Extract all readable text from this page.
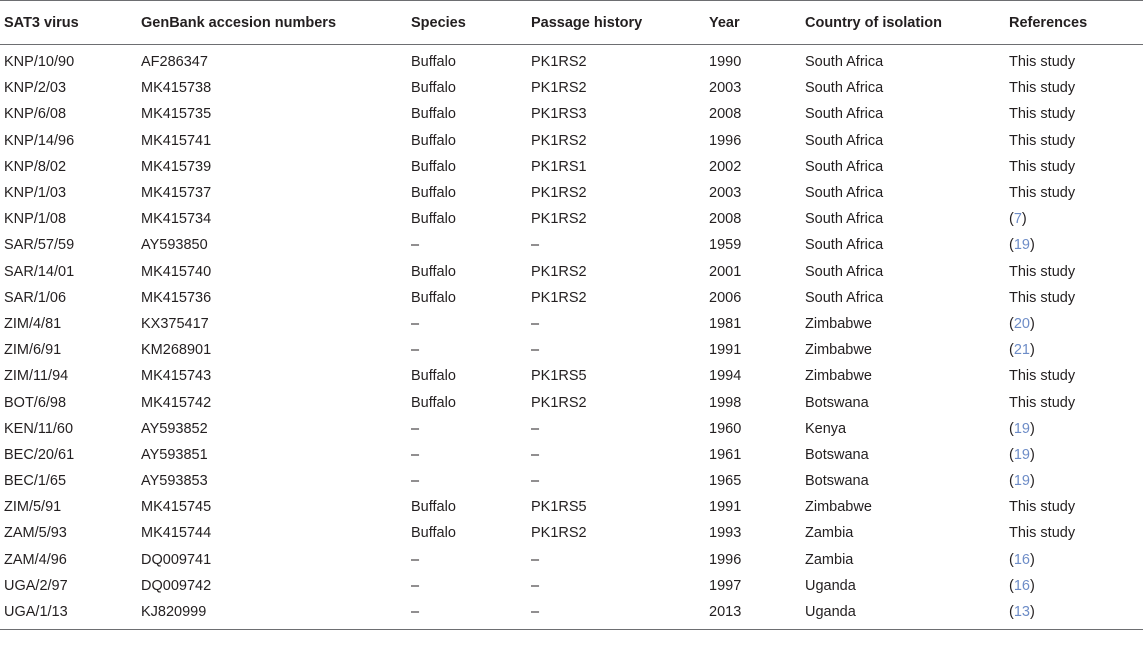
SAT3 virus	GenBank accesion numbers	Species	Passage history	Year	Country of isolation	References
KNP/10/90	AF286347	Buffalo	PK1RS2	1990	South Africa	This study
KNP/2/03	MK415738	Buffalo	PK1RS2	2003	South Africa	This study
KNP/6/08	MK415735	Buffalo	PK1RS3	2008	South Africa	This study
KNP/14/96	MK415741	Buffalo	PK1RS2	1996	South Africa	This study
KNP/8/02	MK415739	Buffalo	PK1RS1	2002	South Africa	This study
KNP/1/03	MK415737	Buffalo	PK1RS2	2003	South Africa	This study
KNP/1/08	MK415734	Buffalo	PK1RS2	2008	South Africa	(7)
SAR/57/59	AY593850	–	–	1959	South Africa	(19)
SAR/14/01	MK415740	Buffalo	PK1RS2	2001	South Africa	This study
SAR/1/06	MK415736	Buffalo	PK1RS2	2006	South Africa	This study
ZIM/4/81	KX375417	–	–	1981	Zimbabwe	(20)
ZIM/6/91	KM268901	–	–	1991	Zimbabwe	(21)
ZIM/11/94	MK415743	Buffalo	PK1RS5	1994	Zimbabwe	This study
BOT/6/98	MK415742	Buffalo	PK1RS2	1998	Botswana	This study
KEN/11/60	AY593852	–	–	1960	Kenya	(19)
BEC/20/61	AY593851	–	–	1961	Botswana	(19)
BEC/1/65	AY593853	–	–	1965	Botswana	(19)
ZIM/5/91	MK415745	Buffalo	PK1RS5	1991	Zimbabwe	This study
ZAM/5/93	MK415744	Buffalo	PK1RS2	1993	Zambia	This study
ZAM/4/96	DQ009741	–	–	1996	Zambia	(16)
UGA/2/97	DQ009742	–	–	1997	Uganda	(16)
UGA/1/13	KJ820999	–	–	2013	Uganda	(13)
